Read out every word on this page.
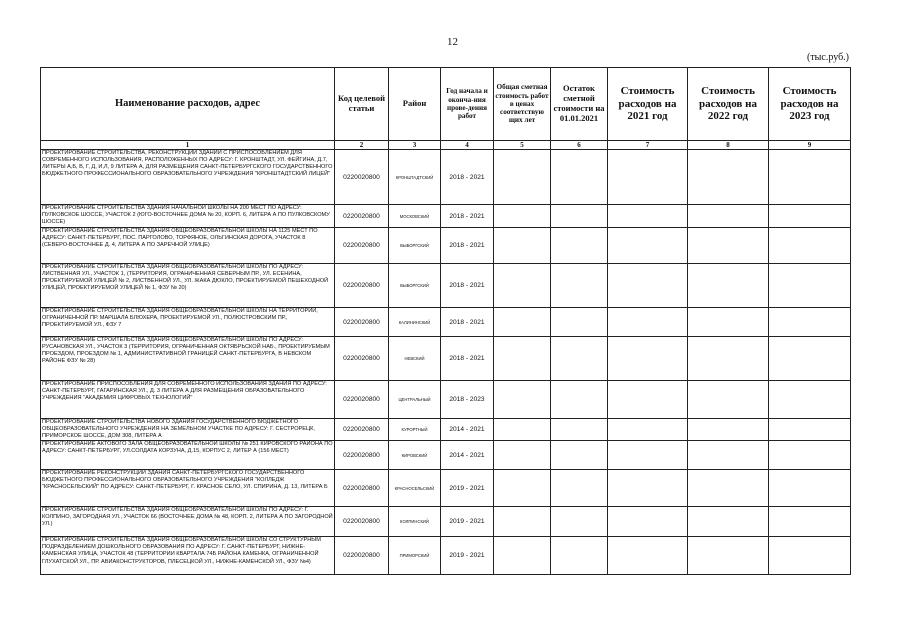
12
(тыс.руб.)
Наименование расходов, адрес	Код целевой статьи	Район	Год начала и оконча-ния прове-дения работ	Общая сметная стоимость работ в ценах соответствую щих лет	Остаток сметной стоимости на 01.01.2021	Стоимость расходов на 2021 год	Стоимость расходов на 2022 год	Стоимость расходов на 2023 год
1	2	3	4	5	6	7	8	9
ПРОЕКТИРОВАНИЕ СТРОИТЕЛЬСТВА, РЕКОНСТРУКЦИИ ЗДАНИЙ С ПРИСПОСОБЛЕНИЕМ ДЛЯ СОВРЕМЕННОГО ИСПОЛЬЗОВАНИЯ, РАСПОЛОЖЕННЫХ ПО АДРЕСУ: Г. КРОНШТАДТ, УЛ. ФЕЙГИНА, Д.7, ЛИТЕРЫ А,Б, В, Г, Д, И,Л, 9 ЛИТЕРА А, ДЛЯ РАЗМЕЩЕНИЯ САНКТ-ПЕТЕРБУРГСКОГО ГОСУДАРСТВЕННОГО БЮДЖЕТНОГО ПРОФЕССИОНАЛЬНОГО ОБРАЗОВАТЕЛЬНОГО УЧРЕЖДЕНИЯ "КРОНШТАДТСКИЙ ЛИЦЕЙ"	0220020800	КРОНШТАДТСКИЙ	2018 - 2021					
ПРОЕКТИРОВАНИЕ СТРОИТЕЛЬСТВА ЗДАНИЯ НАЧАЛЬНОЙ ШКОЛЫ НА 200 МЕСТ ПО АДРЕСУ: ПУЛКОВСКОЕ ШОССЕ, УЧАСТОК 2 (ЮГО-ВОСТОЧНЕЕ ДОМА № 20, КОРП. 6, ЛИТЕРА А ПО ПУЛКОВСКОМУ ШОССЕ)	0220020800	МОСКОВСКИЙ	2018 - 2021					
ПРОЕКТИРОВАНИЕ СТРОИТЕЛЬСТВА ЗДАНИЯ ОБЩЕОБРАЗОВАТЕЛЬНОЙ ШКОЛЫ НА 1125 МЕСТ ПО АДРЕСУ: САНКТ-ПЕТЕРБУРГ, ПОС. ПАРГОЛОВО, ТОРФЯНОЕ, ОЛЬГИНСКАЯ ДОРОГА, УЧАСТОК 8 (СЕВЕРО-ВОСТОЧНЕЕ Д. 4, ЛИТЕРА А ПО ЗАРЕЧНОЙ УЛИЦЕ)	0220020800	ВЫБОРГСКИЙ	2018 - 2021					
ПРОЕКТИРОВАНИЕ СТРОИТЕЛЬСТВА ЗДАНИЯ ОБЩЕОБРАЗОВАТЕЛЬНОЙ ШКОЛЫ ПО АДРЕСУ: ЛИСТВЕННАЯ УЛ., УЧАСТОК 1, (ТЕРРИТОРИЯ, ОГРАНИЧЕННАЯ СЕВЕРНЫМ ПР., УЛ. ЕСЕНИНА, ПРОЕКТИРУЕМОЙ УЛИЦЕЙ № 2, ЛИСТВЕННОЙ УЛ., УЛ. ЖАКА ДЮКЛО, ПРОЕКТИРУЕМОЙ ПЕШЕХОДНОЙ УЛИЦЕЙ, ПРОЕКТИРУЕМОЙ УЛИЦЕЙ № 1, ФЗУ № 20)	0220020800	ВЫБОРГСКИЙ	2018 - 2021					
ПРОЕКТИРОВАНИЕ СТРОИТЕЛЬСТВА ЗДАНИЯ ОБЩЕОБРАЗОВАТЕЛЬНОЙ ШКОЛЫ НА ТЕРРИТОРИИ, ОГРАНИЧЕННОЙ ПР. МАРШАЛА БЛЮХЕРА, ПРОЕКТИРУЕМОЙ УЛ., ПОЛЮСТРОВСКИМ ПР., ПРОЕКТИРУЕМОЙ УЛ., ФЗУ 7	0220020800	КАЛИНИНСКИЙ	2018 - 2021					
ПРОЕКТИРОВАНИЕ СТРОИТЕЛЬСТВА ЗДАНИЯ ОБЩЕОБРАЗОВАТЕЛЬНОЙ ШКОЛЫ ПО АДРЕСУ: РУСАНОВСКАЯ УЛ., УЧАСТОК 3 (ТЕРРИТОРИЯ, ОГРАНИЧЕННАЯ ОКТЯБРЬСКОЙ НАБ., ПРОЕКТИРУЕМЫМ ПРОЕЗДОМ, ПРОЕЗДОМ № 1, АДМИНИСТРАТИВНОЙ ГРАНИЦЕЙ САНКТ-ПЕТЕРБУРГА, В НЕВСКОМ РАЙОНЕ ФЗУ № 28)	0220020800	НЕВСКИЙ	2018 - 2021					
ПРОЕКТИРОВАНИЕ ПРИСПОСОБЛЕНИЯ ДЛЯ СОВРЕМЕННОГО ИСПОЛЬЗОВАНИЯ ЗДАНИЯ ПО АДРЕСУ: САНКТ-ПЕТЕРБУРГ, ГАГАРИНСКАЯ УЛ., Д. 3 ЛИТЕРА А ДЛЯ РАЗМЕЩЕНИЯ ОБРАЗОВАТЕЛЬНОГО УЧРЕЖДЕНИЯ "АКАДЕМИЯ ЦИФРОВЫХ ТЕХНОЛОГИЙ"	0220020800	ЦЕНТРАЛЬНЫЙ	2018 - 2023					
ПРОЕКТИРОВАНИЕ СТРОИТЕЛЬСТВА НОВОГО ЗДАНИЯ ГОСУДАРСТВЕННОГО БЮДЖЕТНОГО ОБЩЕОБРАЗОВАТЕЛЬНОГО УЧРЕЖДЕНИЯ НА ЗЕМЕЛЬНОМ УЧАСТКЕ ПО АДРЕСУ: Г. СЕСТРОРЕЦК, ПРИМОРСКОЕ ШОССЕ, ДОМ 308, ЛИТЕРА А	0220020800	КУРОРТНЫЙ	2014 - 2021					
ПРОЕКТИРОВАНИЕ АКТОВОГО ЗАЛА ОБЩЕОБРАЗОВАТЕЛЬНОЙ ШКОЛЫ № 251 КИРОВСКОГО РАЙОНА ПО АДРЕСУ: САНКТ-ПЕТЕРБУРГ, УЛ.СОЛДАТА КОРЗУНА, Д.15, КОРПУС 2, ЛИТЕР А (156 МЕСТ)	0220020800	КИРОВСКИЙ	2014 - 2021					
ПРОЕКТИРОВАНИЕ РЕКОНСТРУКЦИИ ЗДАНИЯ САНКТ-ПЕТЕРБУРГСКОГО ГОСУДАРСТВЕННОГО БЮДЖЕТНОГО ПРОФЕССИОНАЛЬНОГО ОБРАЗОВАТЕЛЬНОГО УЧРЕЖДЕНИЯ "КОЛЛЕДЖ "КРАСНОСЕЛЬСКИЙ" ПО АДРЕСУ: САНКТ-ПЕТЕРБУРГ, Г. КРАСНОЕ СЕЛО, УЛ. СПИРИНА, Д. 13, ЛИТЕРА Б	0220020800	КРАСНОСЕЛЬСКИЙ	2019 - 2021					
ПРОЕКТИРОВАНИЕ СТРОИТЕЛЬСТВА ЗДАНИЯ ОБЩЕОБРАЗОВАТЕЛЬНОЙ ШКОЛЫ ПО АДРЕСУ: Г. КОЛПИНО, ЗАГОРОДНАЯ УЛ., УЧАСТОК 66 (ВОСТОЧНЕЕ ДОМА № 48, КОРП. 2, ЛИТЕРА А ПО ЗАГОРОДНОЙ УЛ.)	0220020800	КОЛПИНСКИЙ	2019 - 2021					
ПРОЕКТИРОВАНИЕ СТРОИТЕЛЬСТВА ЗДАНИЯ ОБЩЕОБРАЗОВАТЕЛЬНОЙ ШКОЛЫ СО СТРУКТУРНЫМ ПОДРАЗДЕЛЕНИЕМ ДОШКОЛЬНОГО ОБРАЗОВАНИЯ ПО АДРЕСУ: Г. САНКТ-ПЕТЕРБУРГ, НИЖНЕ-КАМЕНСКАЯ УЛИЦА, УЧАСТОК 48 (ТЕРРИТОРИИ КВАРТАЛА 74Б РАЙОНА КАМЕНКА, ОГРАНИЧЕННОЙ ГЛУХАТСКОЙ УЛ., ПР. АВИАКОНСТРУКТОРОВ, ПЛЕСЕЦКОЙ УЛ., НИЖНЕ-КАМЕНСКОЙ УЛ., ФЗУ №4)	0220020800	ПРИМОРСКИЙ	2019 - 2021					
